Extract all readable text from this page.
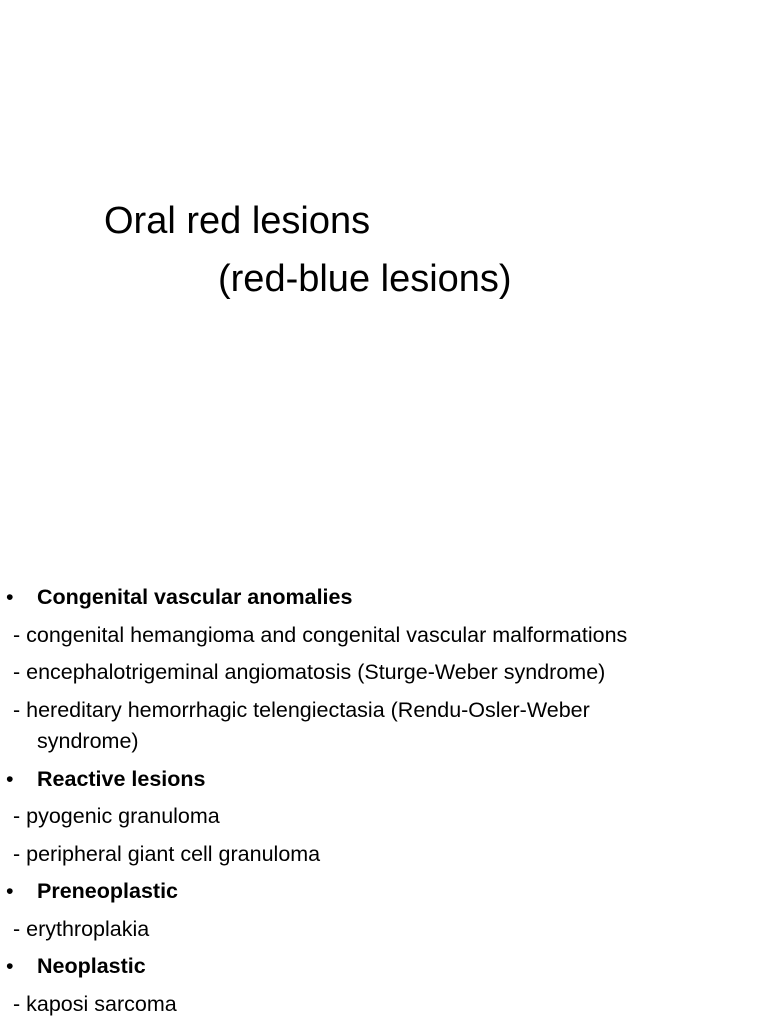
Oral red lesions
(red-blue lesions)
• Congenital vascular anomalies
- congenital hemangioma and congenital vascular malformations
- encephalotrigeminal angiomatosis (Sturge-Weber syndrome)
- hereditary hemorrhagic telengiectasia (Rendu-Osler-Weber
syndrome)
• Reactive lesions
- pyogenic granuloma
- peripheral giant cell granuloma
• Preneoplastic
- erythroplakia
• Neoplastic
- kaposi sarcoma
